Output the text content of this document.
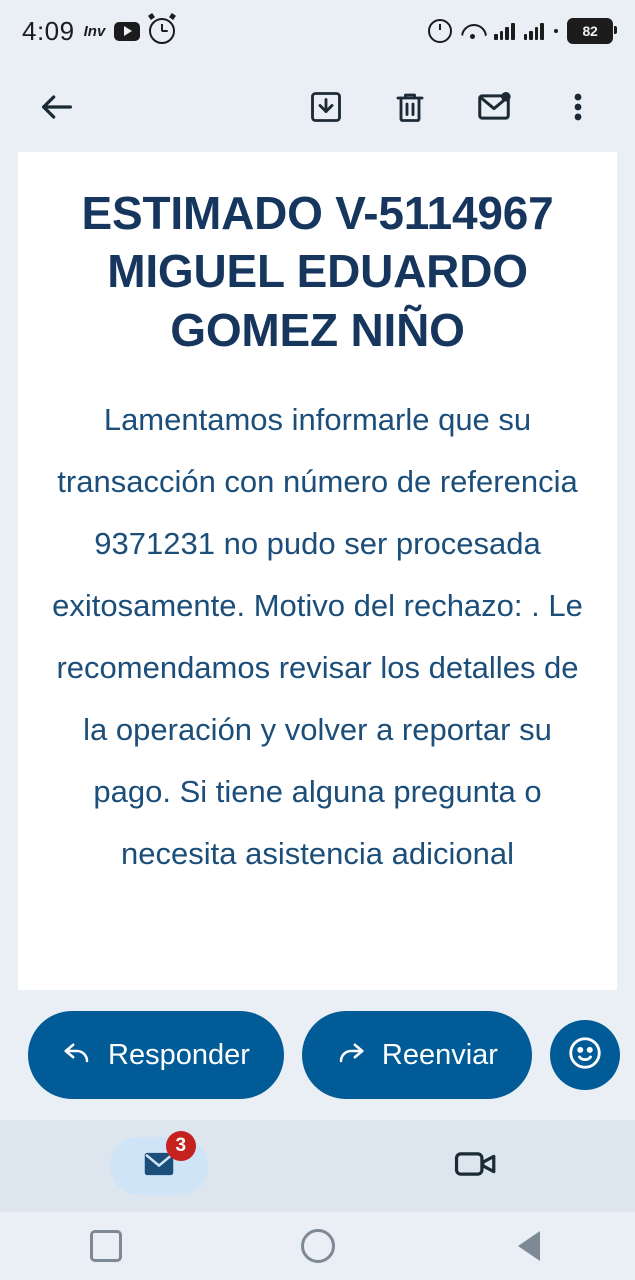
4:09 Inv	82
ESTIMADO V-5114967 MIGUEL EDUARDO GOMEZ NIÑO
Lamentamos informarle que su transacción con número de referencia 9371231 no pudo ser procesada exitosamente. Motivo del rechazo: . Le recomendamos revisar los detalles de la operación y volver a reportar su pago. Si tiene alguna pregunta o necesita asistencia adicional
Responder	Reenviar
3
